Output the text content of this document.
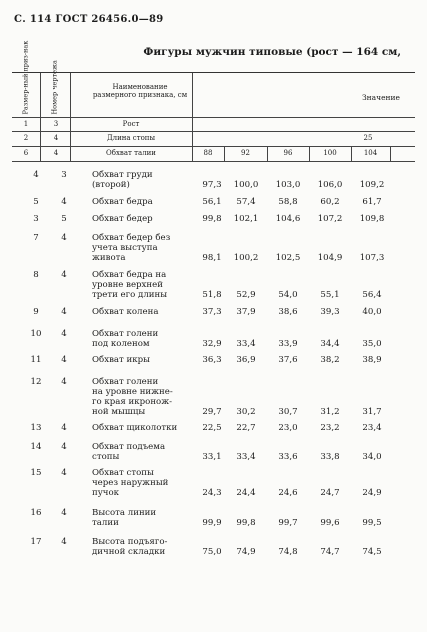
С. 114 ГОСТ 26456.0—89
Фигуры мужчин типовые (рост — 164 см,
Размер-ный приз-нак	Номер чертежа	Наименование размерного признака, см	Значение
1	3	Рост
2	4	Длина стопы	25
6	4	Обхват талии	88	92	96	100	104
4	3	Обхват груди
(второй)	97,3	100,0	103,0	106,0	109,2
5	4	Обхват бедра	56,1	57,4	58,8	60,2	61,7
3	5	Обхват бедер	99,8	102,1	104,6	107,2	109,8
7	4	Обхват бедер без
учета выступа
живота	98,1	100,2	102,5	104,9	107,3
8	4	Обхват бедра на
уровне верхней
трети его длины	51,8	52,9	54,0	55,1	56,4
9	4	Обхват колена	37,3	37,9	38,6	39,3	40,0
10	4	Обхват голени
под коленом	32,9	33,4	33,9	34,4	35,0
11	4	Обхват икры	36,3	36,9	37,6	38,2	38,9
12	4	Обхват голени
на уровне нижне-
го края икронож-
ной мышцы	29,7	30,2	30,7	31,2	31,7
13	4	Обхват щиколотки	22,5	22,7	23,0	23,2	23,4
14	4	Обхват подъема
стопы	33,1	33,4	33,6	33,8	34,0
15	4	Обхват стопы
через наружный
пучок	24,3	24,4	24,6	24,7	24,9
16	4	Высота линии
талии	99,9	99,8	99,7	99,6	99,5
17	4	Высота подъяго-
дичной складки	75,0	74,9	74,8	74,7	74,5
